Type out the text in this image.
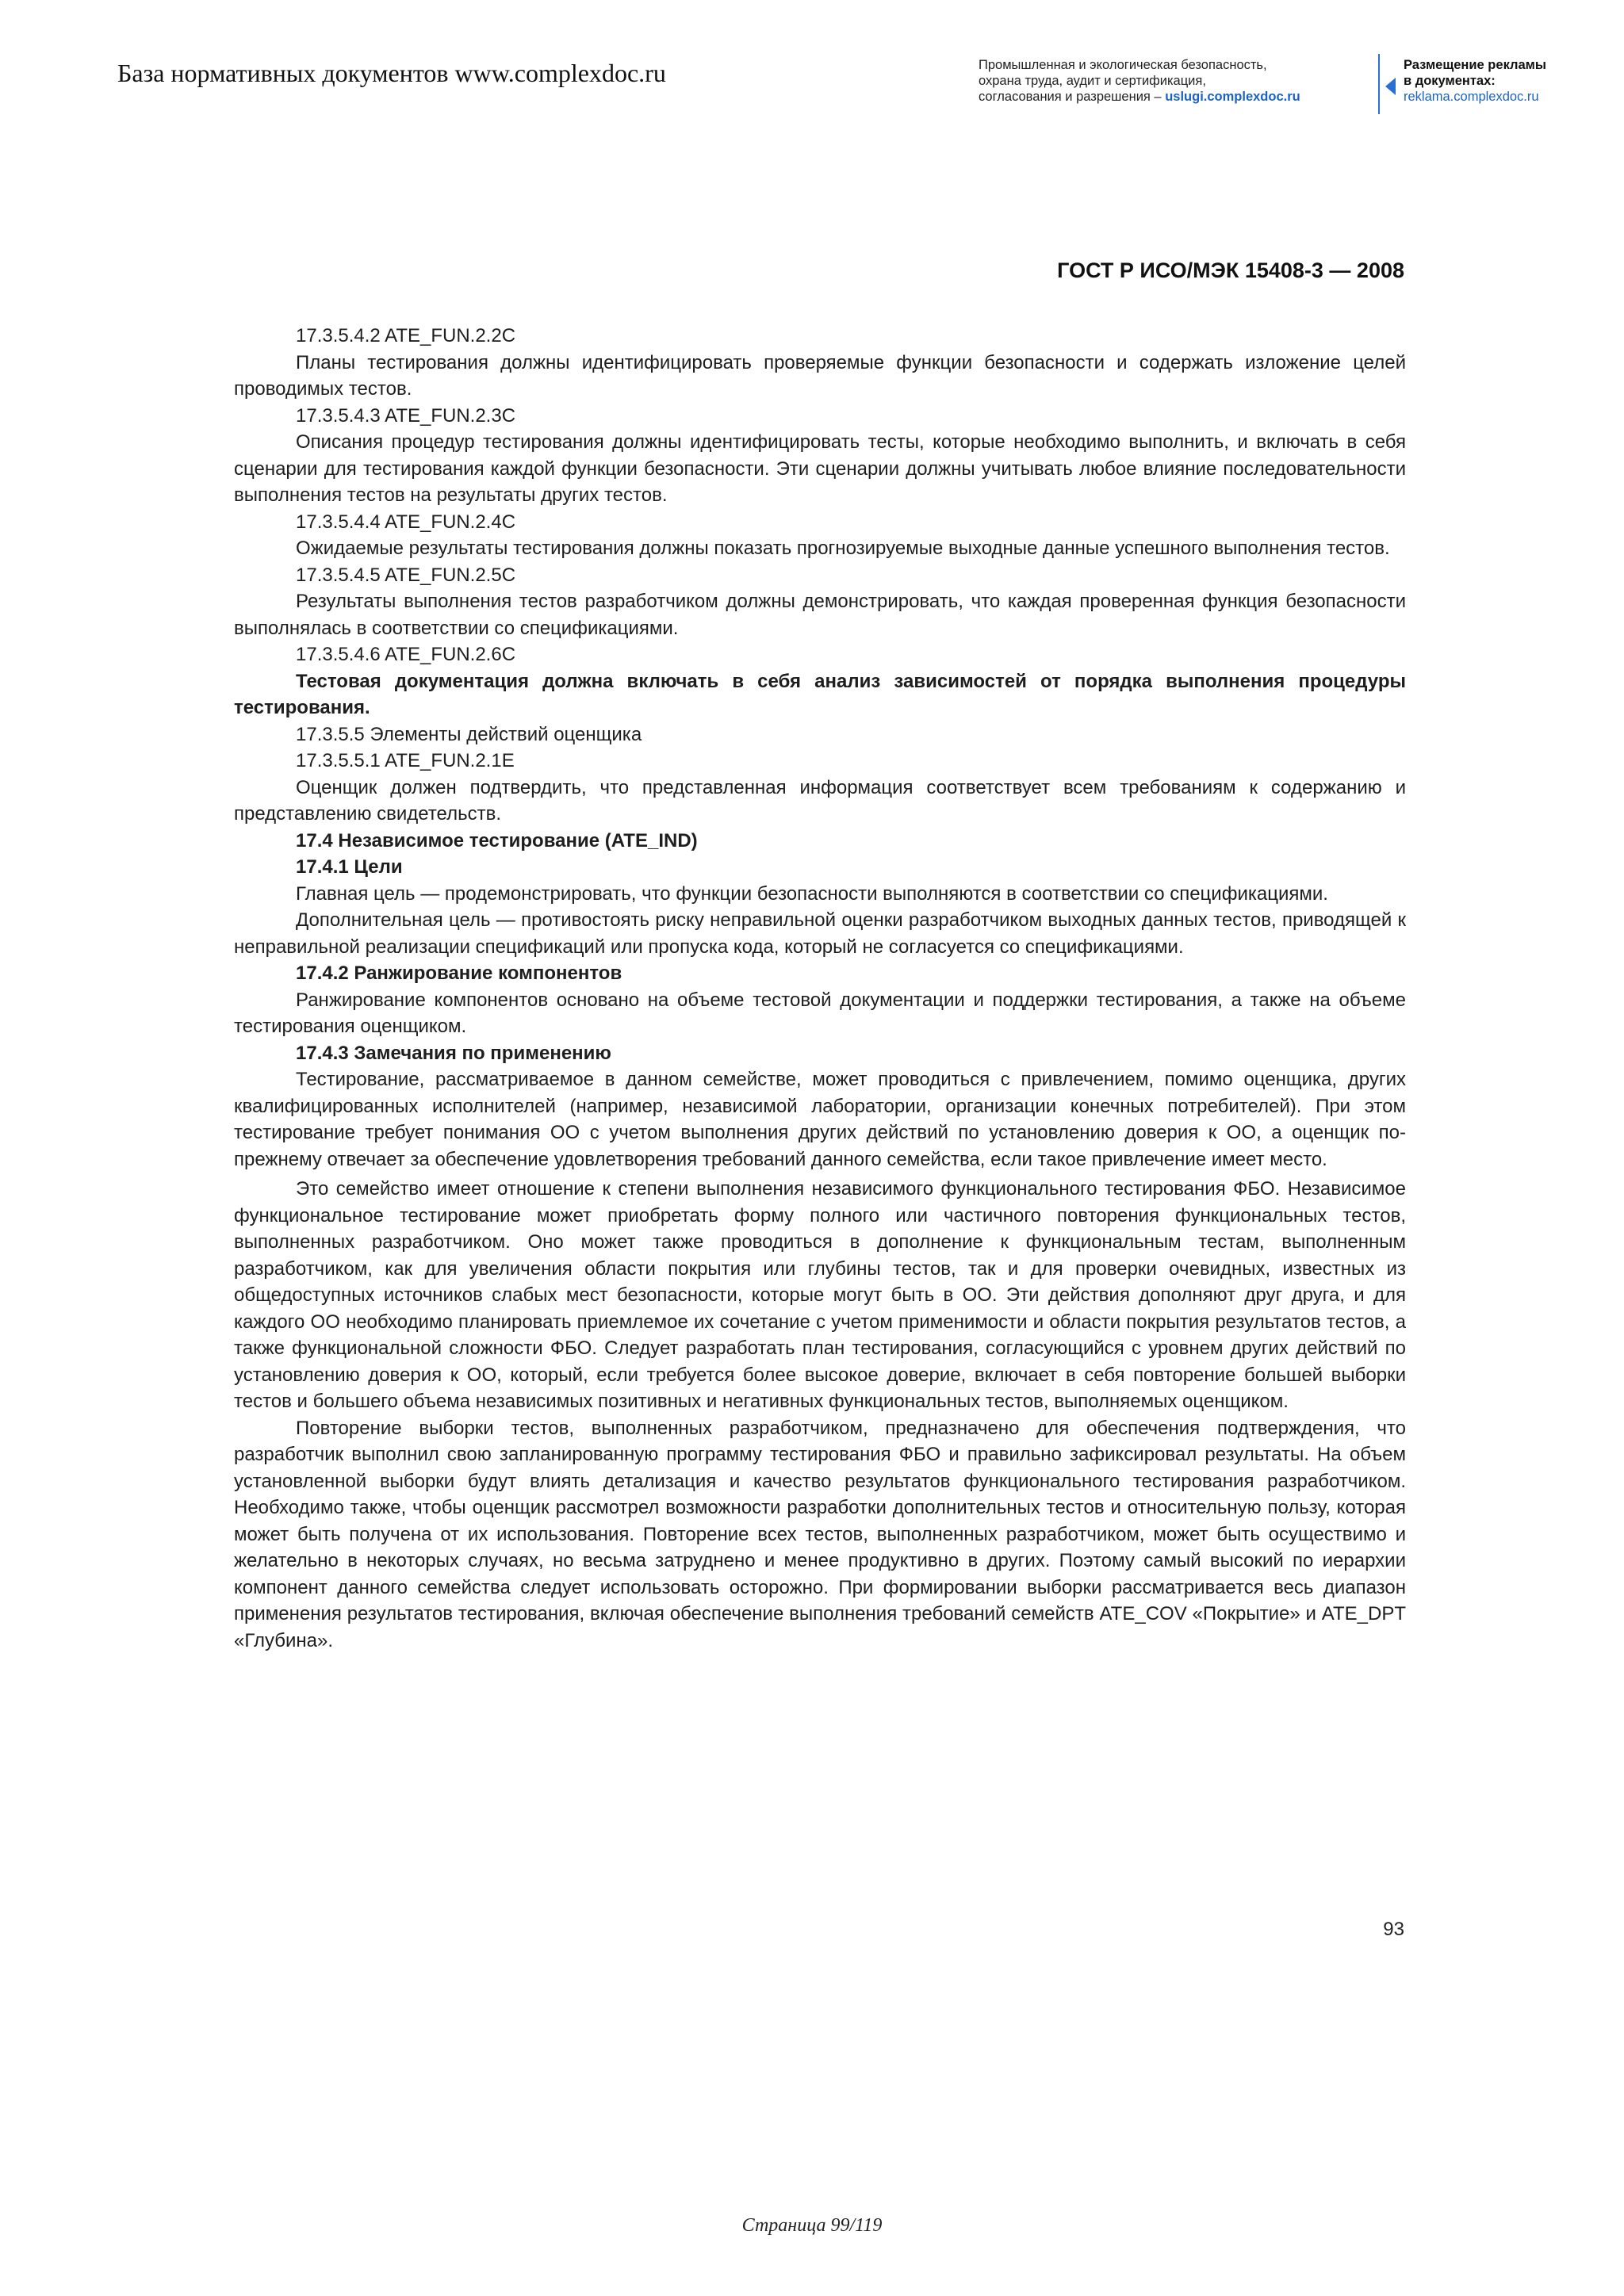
База нормативных документов www.complexdoc.ru	Промышленная и экологическая безопасность,
охрана труда, аудит и сертификация,
согласования и разрешения – uslugi.complexdoc.ru
Размещение рекламы
в документах:
reklama.complexdoc.ru
ГОСТ Р ИСО/МЭК 15408-3 — 2008

17.3.5.4.2 ATE_FUN.2.2C

Планы тестирования должны идентифицировать проверяемые функции безопасности и содержать изложение целей проводимых тестов.

17.3.5.4.3 ATE_FUN.2.3C

Описания процедур тестирования должны идентифицировать тесты, которые необходимо выполнить, и включать в себя сценарии для тестирования каждой функции безопасности. Эти сценарии должны учитывать любое влияние последовательности выполнения тестов на результаты других тестов.

17.3.5.4.4 ATE_FUN.2.4C

Ожидаемые результаты тестирования должны показать прогнозируемые выходные данные успешного выполнения тестов.

17.3.5.4.5 ATE_FUN.2.5C

Результаты выполнения тестов разработчиком должны демонстрировать, что каждая проверенная функция безопасности выполнялась в соответствии со спецификациями.

17.3.5.4.6 ATE_FUN.2.6C

Тестовая документация должна включать в себя анализ зависимостей от порядка выполнения процедуры тестирования.

17.3.5.5 Элементы действий оценщика

17.3.5.5.1 ATE_FUN.2.1E

Оценщик должен подтвердить, что представленная информация соответствует всем требованиям к содержанию и представлению свидетельств.

17.4 Независимое тестирование (ATE_IND)

17.4.1 Цели

Главная цель — продемонстрировать, что функции безопасности выполняются в соответствии со спецификациями.

Дополнительная цель — противостоять риску неправильной оценки разработчиком выходных данных тестов, приводящей к неправильной реализации спецификаций или пропуска кода, который не согласуется со спецификациями.

17.4.2 Ранжирование компонентов

Ранжирование компонентов основано на объеме тестовой документации и поддержки тестирования, а также на объеме тестирования оценщиком.

17.4.3 Замечания по применению

Тестирование, рассматриваемое в данном семействе, может проводиться с привлечением, помимо оценщика, других квалифицированных исполнителей (например, независимой лаборатории, организации конечных потребителей). При этом тестирование требует понимания ОО с учетом выполнения других действий по установлению доверия к ОО, а оценщик по-прежнему отвечает за обеспечение удовлетворения требований данного семейства, если такое привлечение имеет место.

Это семейство имеет отношение к степени выполнения независимого функционального тестирования ФБО. Независимое функциональное тестирование может приобретать форму полного или частичного повторения функциональных тестов, выполненных разработчиком. Оно может также проводиться в дополнение к функциональным тестам, выполненным разработчиком, как для увеличения области покрытия или глубины тестов, так и для проверки очевидных, известных из общедоступных источников слабых мест безопасности, которые могут быть в ОО. Эти действия дополняют друг друга, и для каждого ОО необходимо планировать приемлемое их сочетание с учетом применимости и области покрытия результатов тестов, а также функциональной сложности ФБО. Следует разработать план тестирования, согласующийся с уровнем других действий по установлению доверия к ОО, который, если требуется более высокое доверие, включает в себя повторение большей выборки тестов и большего объема независимых позитивных и негативных функциональных тестов, выполняемых оценщиком.

Повторение выборки тестов, выполненных разработчиком, предназначено для обеспечения подтверждения, что разработчик выполнил свою запланированную программу тестирования ФБО и правильно зафиксировал результаты. На объем установленной выборки будут влиять детализация и качество результатов функционального тестирования разработчиком. Необходимо также, чтобы оценщик рассмотрел возможности разработки дополнительных тестов и относительную пользу, которая может быть получена от их использования. Повторение всех тестов, выполненных разработчиком, может быть осуществимо и желательно в некоторых случаях, но весьма затруднено и менее продуктивно в других. Поэтому самый высокий по иерархии компонент данного семейства следует использовать осторожно. При формировании выборки рассматривается весь диапазон применения результатов тестирования, включая обеспечение выполнения требований семейств ATE_COV «Покрытие» и ATE_DPT «Глубина».

93
Страница 99/119
